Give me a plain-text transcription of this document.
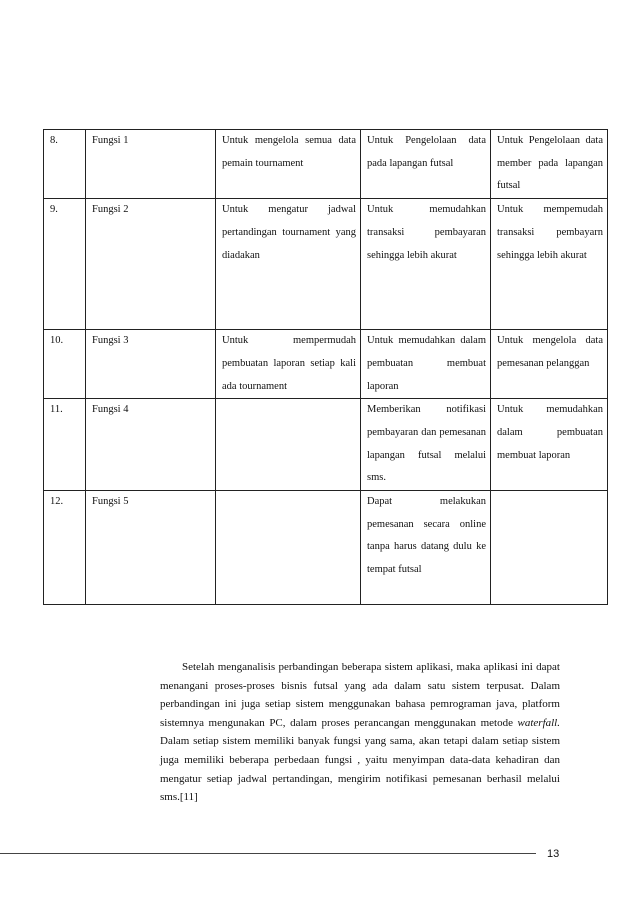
8.	Fungsi 1	Untuk mengelola semua data pemain tournament	Untuk Pengelolaan data pada lapangan futsal	Untuk Pengelolaan data member pada lapangan futsal
9.	Fungsi 2	Untuk mengatur jadwal pertandingan tournament yang diadakan	Untuk memudahkan transaksi pembayaran sehingga lebih akurat	Untuk mempemudah transaksi pembayarn sehingga lebih akurat
10.	Fungsi 3	Untuk mempermudah pembuatan laporan setiap kali ada tournament	Untuk memudahkan dalam pembuatan membuat laporan	Untuk mengelola data pemesanan pelanggan
11.	Fungsi 4		Memberikan notifikasi pembayaran dan pemesanan lapangan futsal melalui sms.	Untuk memudahkan dalam pembuatan membuat laporan
12.	Fungsi 5		Dapat melakukan pemesanan secara online tanpa harus datang dulu ke tempat futsal	

Setelah menganalisis perbandingan beberapa sistem aplikasi, maka aplikasi ini dapat menangani proses-proses bisnis futsal yang ada dalam satu sistem terpusat. Dalam perbandingan ini juga setiap sistem menggunakan bahasa pemrograman java, platform sistemnya mengunakan PC, dalam proses perancangan menggunakan metode waterfall. Dalam setiap sistem memiliki banyak fungsi yang sama, akan tetapi dalam setiap sistem juga memiliki beberapa perbedaan fungsi , yaitu menyimpan data-data kehadiran dan mengatur setiap jadwal pertandingan, mengirim notifikasi pemesanan berhasil melalui sms.[11]

13
